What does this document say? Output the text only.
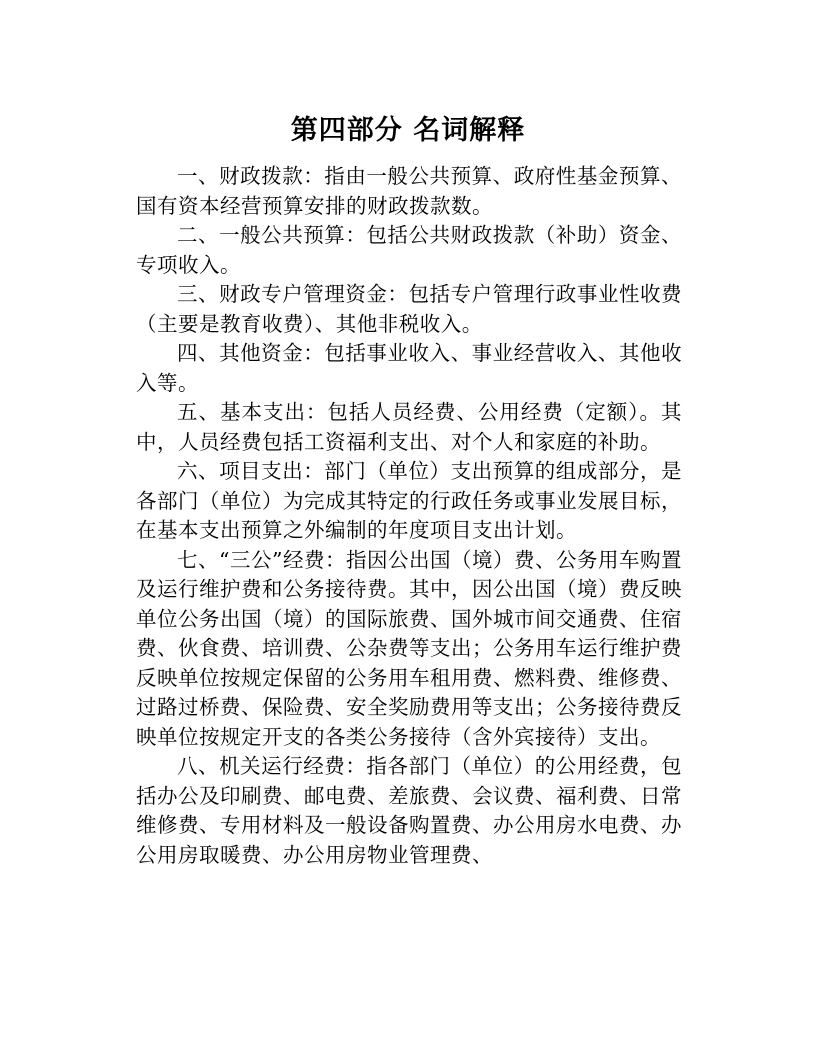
第四部分 名词解释

一、财政拨款：指由一般公共预算、政府性基金预算、国有资本经营预算安排的财政拨款数。

二、一般公共预算：包括公共财政拨款（补助）资金、专项收入。

三、财政专户管理资金：包括专户管理行政事业性收费（主要是教育收费）、其他非税收入。

四、其他资金：包括事业收入、事业经营收入、其他收入等。

五、基本支出：包括人员经费、公用经费（定额）。其中，人员经费包括工资福利支出、对个人和家庭的补助。

六、项目支出：部门（单位）支出预算的组成部分，是各部门（单位）为完成其特定的行政任务或事业发展目标，在基本支出预算之外编制的年度项目支出计划。

七、“三公”经费：指因公出国（境）费、公务用车购置及运行维护费和公务接待费。其中，因公出国（境）费反映单位公务出国（境）的国际旅费、国外城市间交通费、住宿费、伙食费、培训费、公杂费等支出；公务用车运行维护费反映单位按规定保留的公务用车租用费、燃料费、维修费、过路过桥费、保险费、安全奖励费用等支出；公务接待费反映单位按规定开支的各类公务接待（含外宾接待）支出。

八、机关运行经费：指各部门（单位）的公用经费，包括办公及印刷费、邮电费、差旅费、会议费、福利费、日常维修费、专用材料及一般设备购置费、办公用房水电费、办公用房取暖费、办公用房物业管理费、
